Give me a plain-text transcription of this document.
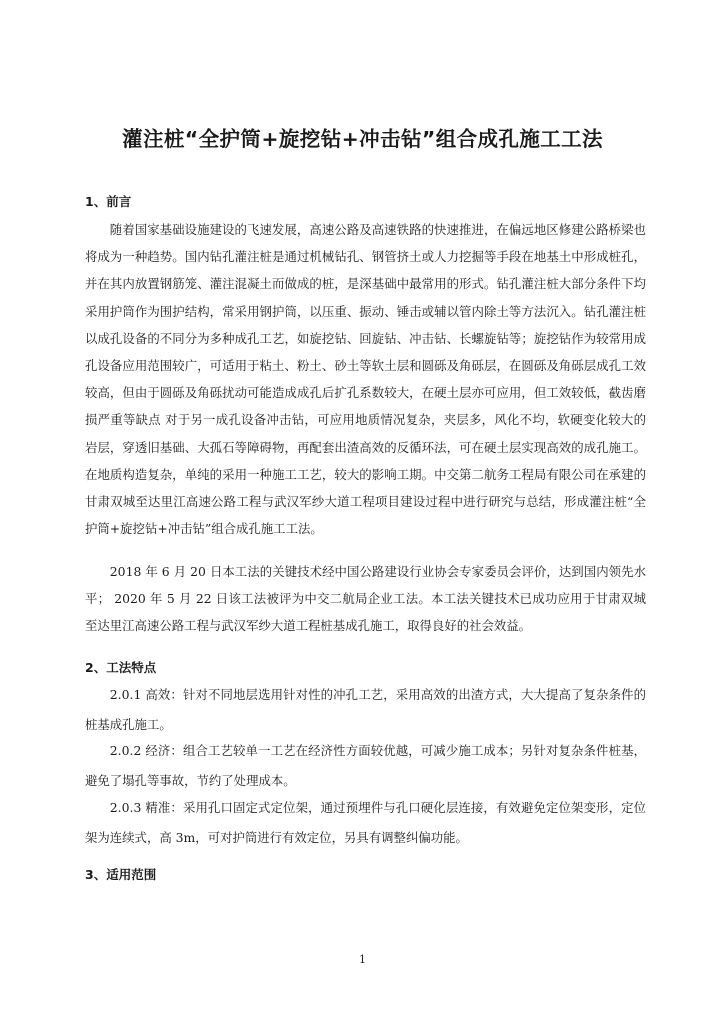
灌注桩“全护筒+旋挖钻+冲击钻”组合成孔施工工法
1、前言

随着国家基础设施建设的飞速发展，高速公路及高速铁路的快速推进，在偏远地区修建公路桥梁也将成为一种趋势。国内钻孔灌注桩是通过机械钻孔、钢管挤土或人力挖掘等手段在地基土中形成桩孔，并在其内放置钢筋笼、灌注混凝土而做成的桩，是深基础中最常用的形式。钻孔灌注桩大部分条件下均采用护筒作为围护结构，常采用钢护筒，以压重、振动、锤击或辅以管内除土等方法沉入。钻孔灌注桩以成孔设备的不同分为多种成孔工艺，如旋挖钻、回旋钻、冲击钻、长螺旋钻等；旋挖钻作为较常用成孔设备应用范围较广，可适用于粘土、粉土、砂土等软土层和圆砾及角砾层，在圆砾及角砾层成孔工效较高，但由于圆砾及角砾扰动可能造成成孔后扩孔系数较大，在硬土层亦可应用，但工效较低，截齿磨损严重等缺点 对于另一成孔设备冲击钻，可应用地质情况复杂，夹层多，风化不均，软硬变化较大的岩层，穿透旧基础、大孤石等障碍物，再配套出渣高效的反循环法，可在硬土层实现高效的成孔施工。在地质构造复杂，单纯的采用一种施工工艺，较大的影响工期。中交第二航务工程局有限公司在承建的甘肃双城至达里江高速公路工程与武汉军纱大道工程项目建设过程中进行研究与总结，形成灌注桩“全护筒+旋挖钻+冲击钻”组合成孔施工工法。

2018 年 6 月 20 日本工法的关键技术经中国公路建设行业协会专家委员会评价，达到国内领先水平； 2020 年 5 月 22 日该工法被评为中交二航局企业工法。本工法关键技术已成功应用于甘肃双城至达里江高速公路工程与武汉军纱大道工程桩基成孔施工，取得良好的社会效益。

2、工法特点

2.0.1 高效：针对不同地层选用针对性的冲孔工艺，采用高效的出渣方式，大大提高了复杂条件的桩基成孔施工。

2.0.2 经济：组合工艺较单一工艺在经济性方面较优越，可减少施工成本；另针对复杂条件桩基，避免了塌孔等事故，节约了处理成本。

2.0.3 精准：采用孔口固定式定位架，通过预埋件与孔口硬化层连接，有效避免定位架变形，定位架为连续式，高 3m，可对护筒进行有效定位，另具有调整纠偏功能。

3、适用范围
1
